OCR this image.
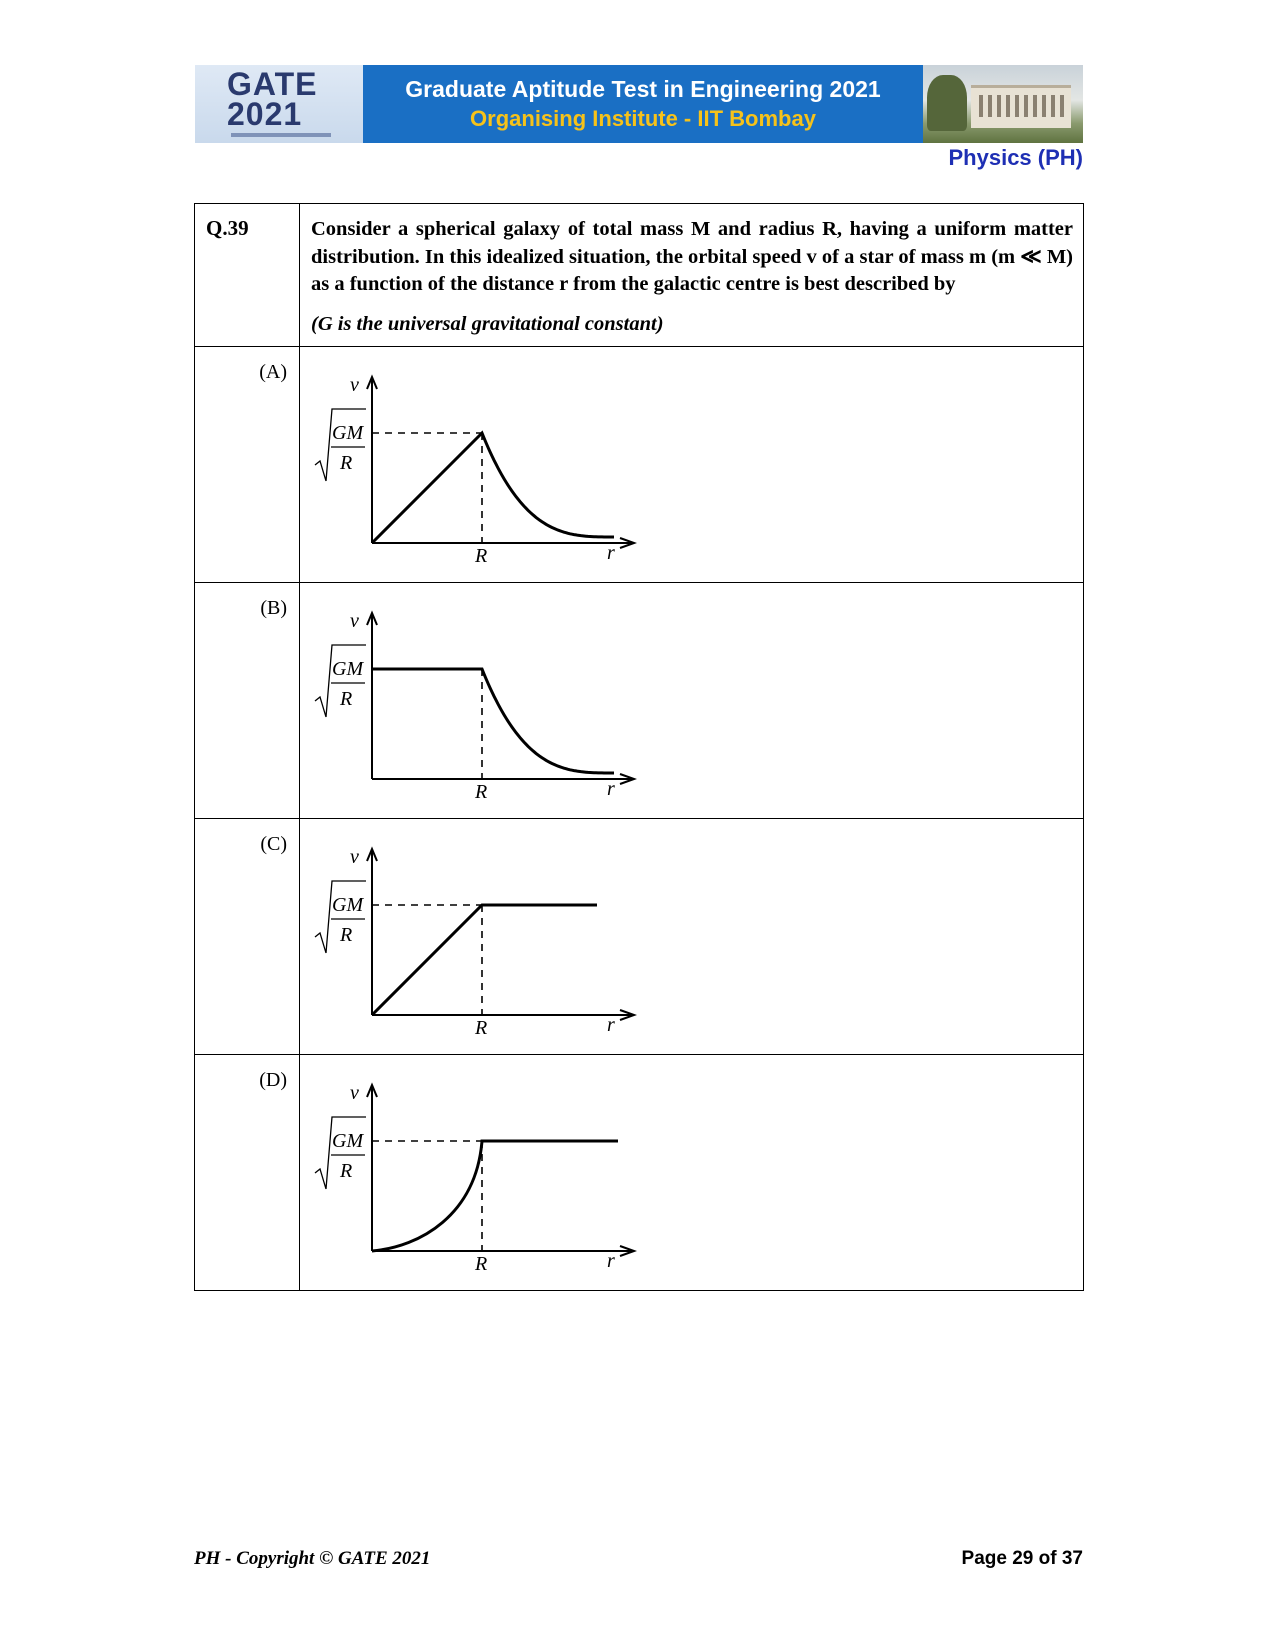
GATE
2021
Graduate Aptitude Test in Engineering 2021
Organising Institute - IIT Bombay
Physics (PH)
Q.39	Consider a spherical galaxy of total mass M and radius R, having a uniform matter distribution. In this idealized situation, the orbital speed v of a star of mass m (m ≪ M) as a function of the distance r from the galactic centre is best described by
(G is the universal gravitational constant)

(A)	v
r
R
GM
R

(B)	v
r
R
GM
R

(C)	v
r
R
GM
R

(D)	v
r
R
GM
R
PH - Copyright © GATE 2021	Page 29 of 37
